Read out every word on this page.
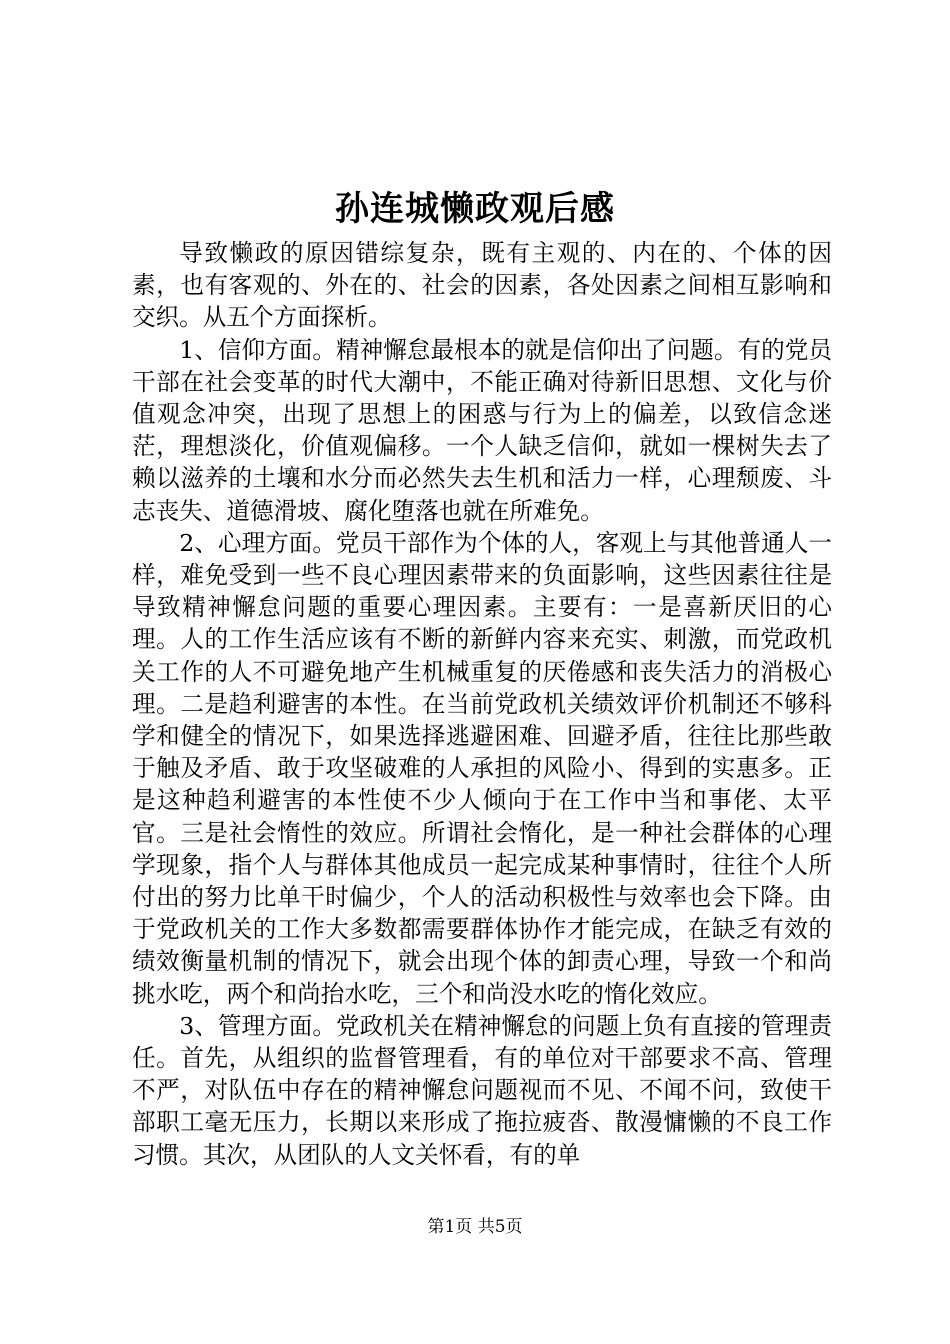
孙连城懒政观后感

导致懒政的原因错综复杂，既有主观的、内在的、个体的因素，也有客观的、外在的、社会的因素，各处因素之间相互影响和交织。从五个方面探析。

1、信仰方面。精神懈怠最根本的就是信仰出了问题。有的党员干部在社会变革的时代大潮中，不能正确对待新旧思想、文化与价值观念冲突，出现了思想上的困惑与行为上的偏差，以致信念迷茫，理想淡化，价值观偏移。一个人缺乏信仰，就如一棵树失去了赖以滋养的土壤和水分而必然失去生机和活力一样，心理颓废、斗志丧失、道德滑坡、腐化堕落也就在所难免。

2、心理方面。党员干部作为个体的人，客观上与其他普通人一样，难免受到一些不良心理因素带来的负面影响，这些因素往往是导致精神懈怠问题的重要心理因素。主要有：一是喜新厌旧的心理。人的工作生活应该有不断的新鲜内容来充实、刺激，而党政机关工作的人不可避免地产生机械重复的厌倦感和丧失活力的消极心理。二是趋利避害的本性。在当前党政机关绩效评价机制还不够科学和健全的情况下，如果选择逃避困难、回避矛盾，往往比那些敢于触及矛盾、敢于攻坚破难的人承担的风险小、得到的实惠多。正是这种趋利避害的本性使不少人倾向于在工作中当和事佬、太平官。三是社会惰性的效应。所谓社会惰化，是一种社会群体的心理学现象，指个人与群体其他成员一起完成某种事情时，往往个人所付出的努力比单干时偏少，个人的活动积极性与效率也会下降。由于党政机关的工作大多数都需要群体协作才能完成，在缺乏有效的绩效衡量机制的情况下，就会出现个体的卸责心理，导致一个和尚挑水吃，两个和尚抬水吃，三个和尚没水吃的惰化效应。

3、管理方面。党政机关在精神懈怠的问题上负有直接的管理责任。首先，从组织的监督管理看，有的单位对干部要求不高、管理不严，对队伍中存在的精神懈怠问题视而不见、不闻不问，致使干部职工毫无压力，长期以来形成了拖拉疲沓、散漫慵懒的不良工作习惯。其次，从团队的人文关怀看，有的单

第1页 共5页
